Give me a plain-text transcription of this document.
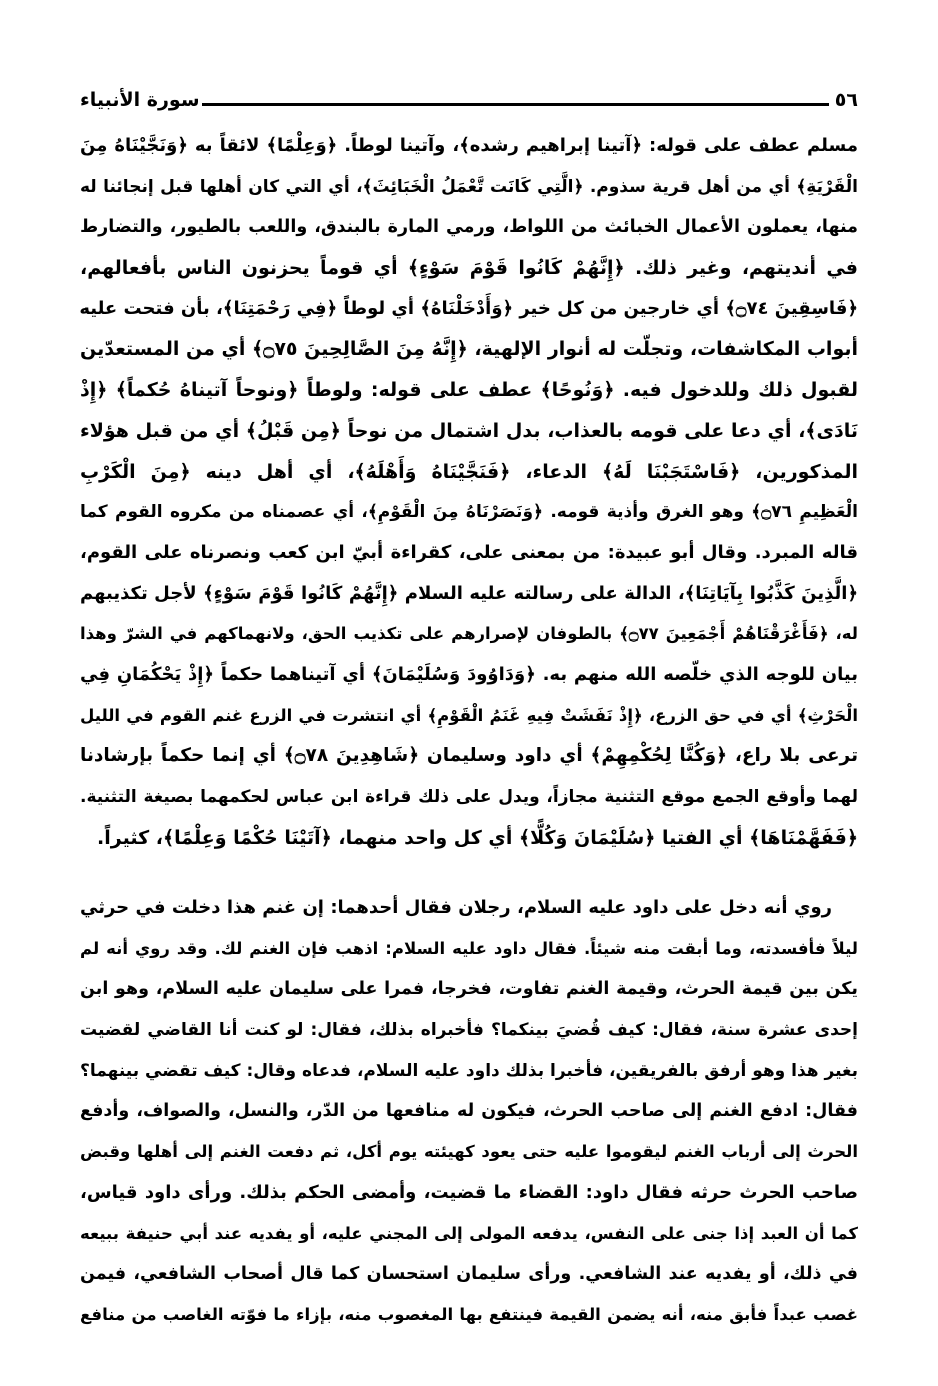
٥٦
سورة الأنبياء
مسلم عطف على قوله: ﴿آتينا إبراهيم رشده﴾، وآتينا لوطاً. ﴿وَعِلْمًا﴾ لائقاً به ﴿وَنَجَّيْنَاهُ مِنَ
الْقَرْيَةِ﴾ أي من أهل قرية سذوم. ﴿الَّتِي كَانَت تَّعْمَلُ الْخَبَائِثَ﴾، أي التي كان أهلها قبل إنجائنا له
منها، يعملون الأعمال الخبائث من اللواط، ورمي المارة بالبندق، واللعب بالطيور، والتضارط
في أنديتهم، وغير ذلك. ﴿إِنَّهُمْ كَانُوا قَوْمَ سَوْءٍ﴾ أي قوماً يحزنون الناس بأفعالهم،
﴿فَاسِقِينَ ۝٧٤﴾ أي خارجين من كل خير ﴿وَأَدْخَلْنَاهُ﴾ أي لوطاً ﴿فِي رَحْمَتِنَا﴾، بأن فتحت عليه
أبواب المكاشفات، وتجلّت له أنوار الإلهية، ﴿إِنَّهُ مِنَ الصَّالِحِينَ ۝٧٥﴾ أي من المستعدّين
لقبول ذلك وللدخول فيه. ﴿وَنُوحًا﴾ عطف على قوله: ولوطاً ﴿ونوحاً آتيناهُ حُكماً﴾ ﴿إِذْ
نَادَى﴾، أي دعا على قومه بالعذاب، بدل اشتمال من نوحاً ﴿مِن قَبْلُ﴾ أي من قبل هؤلاء
المذكورين، ﴿فَاسْتَجَبْنَا لَهُ﴾ الدعاء، ﴿فَنَجَّيْنَاهُ وَأَهْلَهُ﴾، أي أهل دينه ﴿مِنَ الْكَرْبِ
الْعَظِيمِ ۝٧٦﴾ وهو الغرق وأذية قومه. ﴿وَنَصَرْنَاهُ مِنَ الْقَوْمِ﴾، أي عصمناه من مكروه القوم كما
قاله المبرد. وقال أبو عبيدة: من بمعنى على، كقراءة أبيّ ابن كعب ونصرناه على القوم،
﴿الَّذِينَ كَذَّبُوا بِآيَاتِنَا﴾، الدالة على رسالته عليه السلام ﴿إِنَّهُمْ كَانُوا قَوْمَ سَوْءٍ﴾ لأجل تكذيبهم
له، ﴿فَأَغْرَقْنَاهُمْ أَجْمَعِينَ ۝٧٧﴾ بالطوفان لإصرارهم على تكذيب الحق، ولانهماكهم في الشرّ وهذا
بيان للوجه الذي خلّصه الله منهم به. ﴿وَدَاوُودَ وَسُلَيْمَانَ﴾ أي آتيناهما حكماً ﴿إِذْ يَحْكُمَانِ فِي
الْحَرْثِ﴾ أي في حق الزرع، ﴿إِذْ نَفَشَتْ فِيهِ غَنَمُ الْقَوْمِ﴾ أي انتشرت في الزرع غنم القوم في الليل
ترعى بلا راع، ﴿وَكُنَّا لِحُكْمِهِمْ﴾ أي داود وسليمان ﴿شَاهِدِينَ ۝٧٨﴾ أي إنما حكماً بإرشادنا
لهما وأوقع الجمع موقع التثنية مجازاً، ويدل على ذلك قراءة ابن عباس لحكمهما بصيغة التثنية.
﴿فَفَهَّمْنَاهَا﴾ أي الفتيا ﴿سُلَيْمَانَ وَكُلًّا﴾ أي كل واحد منهما، ﴿آتَيْنَا حُكْمًا وَعِلْمًا﴾، كثيراً.
روي أنه دخل على داود عليه السلام، رجلان فقال أحدهما: إن غنم هذا دخلت في حرثي
ليلاً فأفسدته، وما أبقت منه شيئاً. فقال داود عليه السلام: اذهب فإن الغنم لك. وقد روي أنه لم
يكن بين قيمة الحرث، وقيمة الغنم تفاوت، فخرجا، فمرا على سليمان عليه السلام، وهو ابن
إحدى عشرة سنة، فقال: كيف قُضيَ بينكما؟ فأخبراه بذلك، فقال: لو كنت أنا القاضي لقضيت
بغير هذا وهو أرفق بالفريقين، فأخبرا بذلك داود عليه السلام، فدعاه وقال: كيف تقضي بينهما؟
فقال: ادفع الغنم إلى صاحب الحرث، فيكون له منافعها من الدّر، والنسل، والصواف، وأدفع
الحرث إلى أرباب الغنم ليقوموا عليه حتى يعود كهيئته يوم أكل، ثم دفعت الغنم إلى أهلها وقبض
صاحب الحرث حرثه فقال داود: القضاء ما قضيت، وأمضى الحكم بذلك. ورأى داود قياس،
كما أن العبد إذا جنى على النفس، يدفعه المولى إلى المجني عليه، أو يفديه عند أبي حنيفة ببيعه
في ذلك، أو يفديه عند الشافعي. ورأى سليمان استحسان كما قال أصحاب الشافعي، فيمن
غصب عبداً فأبق منه، أنه يضمن القيمة فينتفع بها المغصوب منه، بإزاء ما فوّته الغاصب من منافع
